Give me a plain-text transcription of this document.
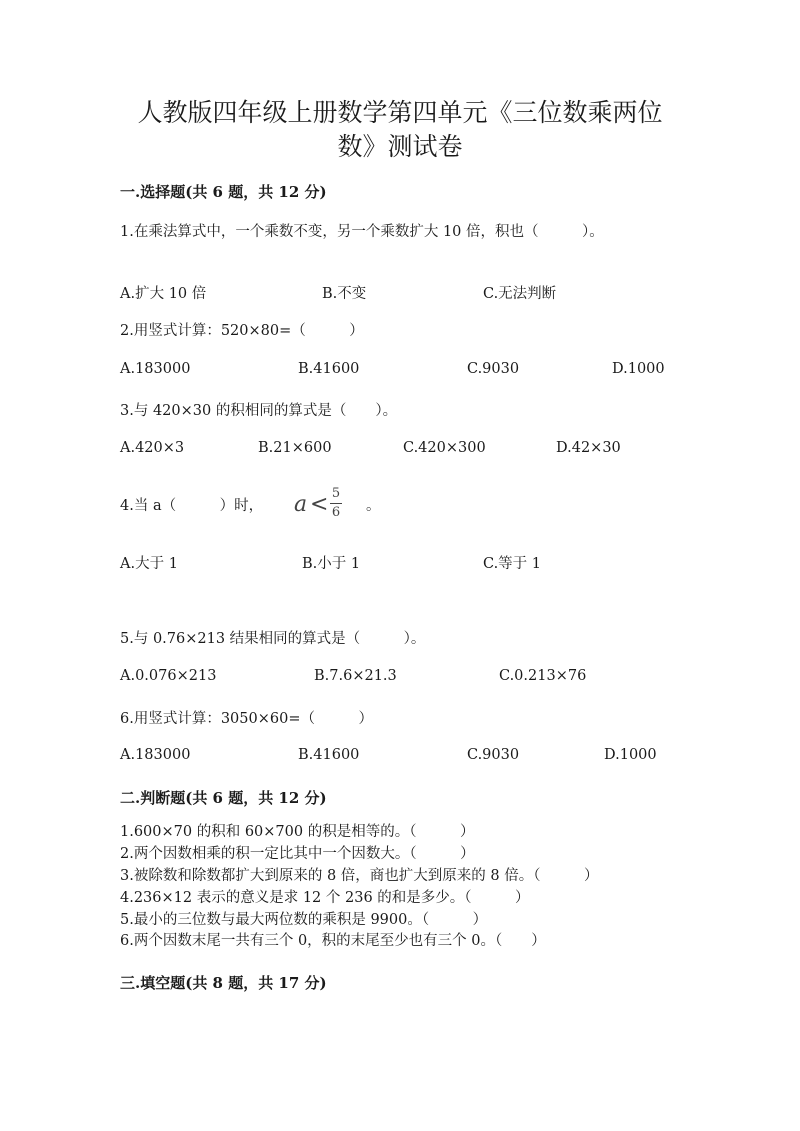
人教版四年级上册数学第四单元《三位数乘两位
数》测试卷
一.选择题(共 6 题，共 12 分)
1.在乘法算式中，一个乘数不变，另一个乘数扩大 10 倍，积也（　　　）。
A.扩大 10 倍	B.不变	C.无法判断
2.用竖式计算：520×80=（　　　）
A.183000	B.41600	C.9030	D.1000
3.与 420×30 的积相同的算式是（　　）。
A.420×3	B.21×600	C.420×300	D.42×30
4.当 a（　　　）时， a < 5
6 。
A.大于 1	B.小于 1	C.等于 1
5.与 0.76×213 结果相同的算式是（　　　）。
A.0.076×213	B.7.6×21.3	C.0.213×76
6.用竖式计算：3050×60=（　　　）
A.183000	B.41600	C.9030	D.1000
二.判断题(共 6 题，共 12 分)
1.600×70 的积和 60×700 的积是相等的。（　　　）
2.两个因数相乘的积一定比其中一个因数大。（　　　）
3.被除数和除数都扩大到原来的 8 倍，商也扩大到原来的 8 倍。（　　　）
4.236×12 表示的意义是求 12 个 236 的和是多少。（　　　）
5.最小的三位数与最大两位数的乘积是 9900。（　　　）
6.两个因数末尾一共有三个 0，积的末尾至少也有三个 0。（　　）
三.填空题(共 8 题，共 17 分)
